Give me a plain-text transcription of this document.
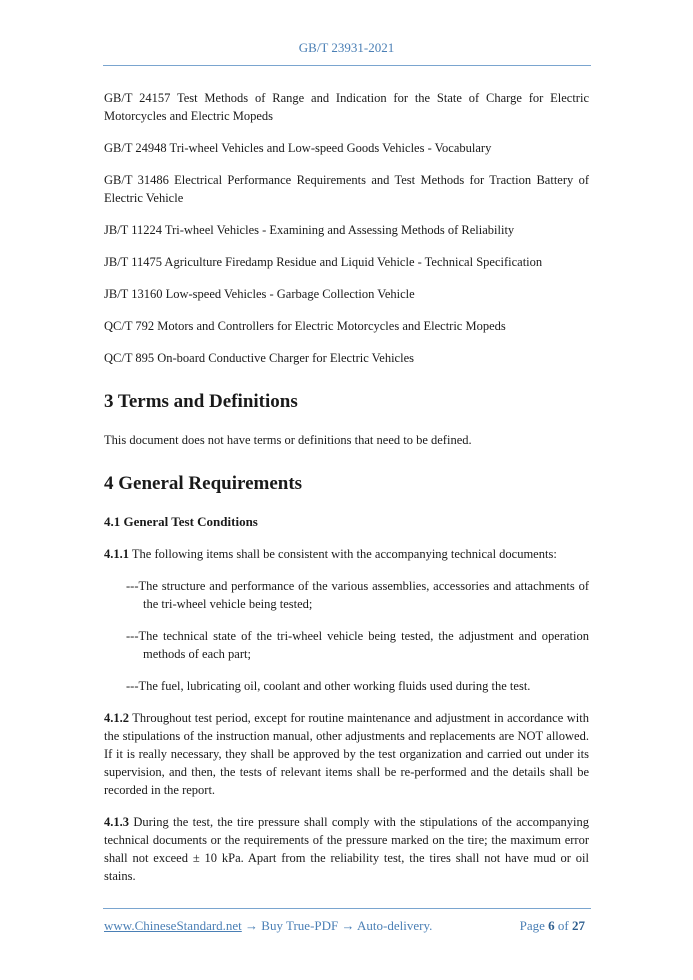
GB/T 23931-2021

GB/T 24157 Test Methods of Range and Indication for the State of Charge for Electric Motorcycles and Electric Mopeds

GB/T 24948 Tri-wheel Vehicles and Low-speed Goods Vehicles - Vocabulary

GB/T 31486 Electrical Performance Requirements and Test Methods for Traction Battery of Electric Vehicle

JB/T 11224 Tri-wheel Vehicles - Examining and Assessing Methods of Reliability

JB/T 11475 Agriculture Firedamp Residue and Liquid Vehicle - Technical Specification

JB/T 13160 Low-speed Vehicles - Garbage Collection Vehicle

QC/T 792 Motors and Controllers for Electric Motorcycles and Electric Mopeds

QC/T 895 On-board Conductive Charger for Electric Vehicles

3 Terms and Definitions

This document does not have terms or definitions that need to be defined.

4 General Requirements
4.1 General Test Conditions

4.1.1 The following items shall be consistent with the accompanying technical documents:

---The structure and performance of the various assemblies, accessories and attachments of the tri-wheel vehicle being tested;

---The technical state of the tri-wheel vehicle being tested, the adjustment and operation methods of each part;

---The fuel, lubricating oil, coolant and other working fluids used during the test.

4.1.2 Throughout test period, except for routine maintenance and adjustment in accordance with the stipulations of the instruction manual, other adjustments and replacements are NOT allowed. If it is really necessary, they shall be approved by the test organization and carried out under its supervision, and then, the tests of relevant items shall be re-performed and the details shall be recorded in the report.

4.1.3 During the test, the tire pressure shall comply with the stipulations of the accompanying technical documents or the requirements of the pressure marked on the tire; the maximum error shall not exceed ± 10 kPa. Apart from the reliability test, the tires shall not have mud or oil stains.

www.ChineseStandard.net → Buy True-PDF → Auto-delivery.	Page 6 of 27
